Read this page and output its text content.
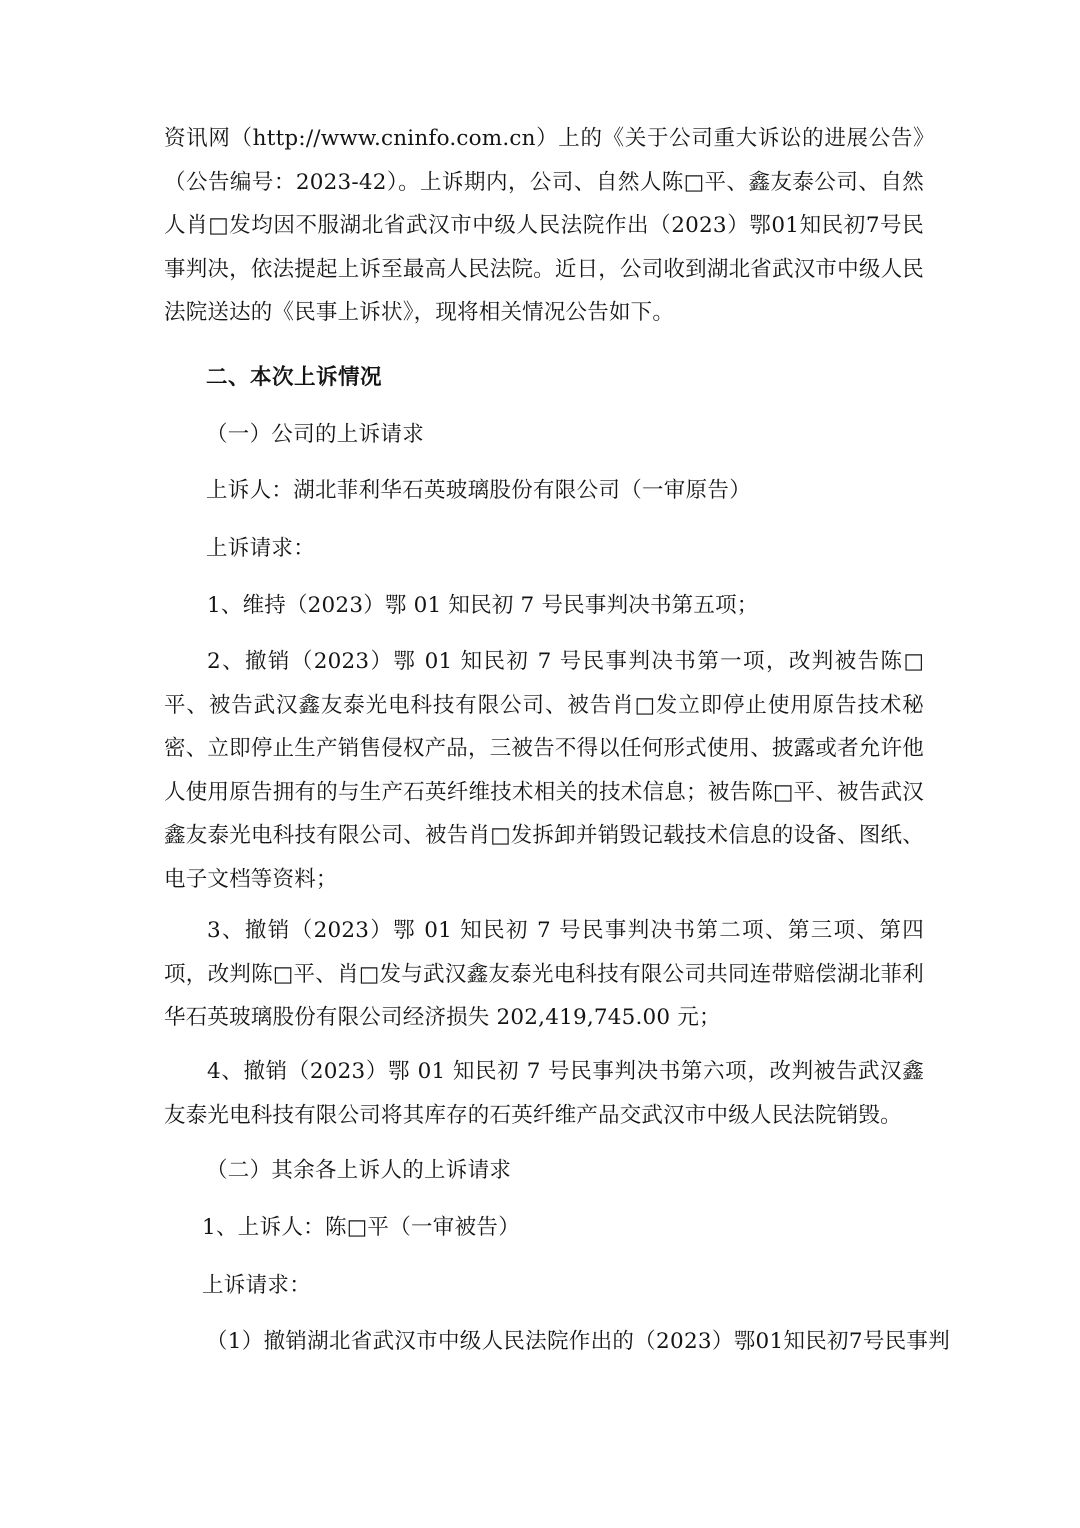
资讯网（http://www.cninfo.com.cn）上的《关于公司重大诉讼的进展公告》（公告编号：2023-42）。上诉期内，公司、自然人陈□平、鑫友泰公司、自然人肖□发均因不服湖北省武汉市中级人民法院作出（2023）鄂01知民初7号民事判决，依法提起上诉至最高人民法院。近日，公司收到湖北省武汉市中级人民法院送达的《民事上诉状》，现将相关情况公告如下。
二、本次上诉情况
（一）公司的上诉请求
上诉人：湖北菲利华石英玻璃股份有限公司（一审原告）
上诉请求：
1、维持（2023）鄂 01 知民初 7 号民事判决书第五项；
2、撤销（2023）鄂 01 知民初 7 号民事判决书第一项，改判被告陈□平、被告武汉鑫友泰光电科技有限公司、被告肖□发立即停止使用原告技术秘密、立即停止生产销售侵权产品，三被告不得以任何形式使用、披露或者允许他人使用原告拥有的与生产石英纤维技术相关的技术信息；被告陈□平、被告武汉鑫友泰光电科技有限公司、被告肖□发拆卸并销毁记载技术信息的设备、图纸、电子文档等资料；
3、撤销（2023）鄂 01 知民初 7 号民事判决书第二项、第三项、第四项，改判陈□平、肖□发与武汉鑫友泰光电科技有限公司共同连带赔偿湖北菲利华石英玻璃股份有限公司经济损失 202,419,745.00 元；
4、撤销（2023）鄂 01 知民初 7 号民事判决书第六项，改判被告武汉鑫友泰光电科技有限公司将其库存的石英纤维产品交武汉市中级人民法院销毁。
（二）其余各上诉人的上诉请求
1、上诉人：陈□平（一审被告）
上诉请求：
（1）撤销湖北省武汉市中级人民法院作出的（2023）鄂01知民初7号民事判
